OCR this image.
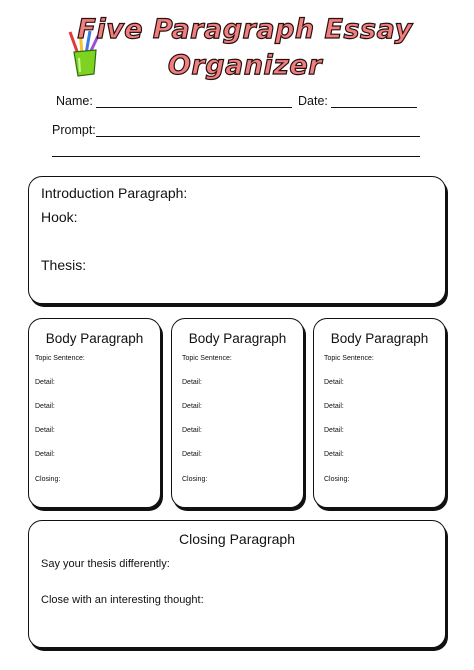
Five Paragraph Essay
Organizer
Name:	Date:
Prompt:
Introduction Paragraph:
Hook:
Thesis:
Body Paragraph
Topic Sentence:
Detail:
Detail:
Detail:
Detail:
Closing:
Body Paragraph
Topic Sentence:
Detail:
Detail:
Detail:
Detail:
Closing:
Body Paragraph
Topic Sentence:
Detail:
Detail:
Detail:
Detail:
Closing:
Closing Paragraph
Say your thesis differently:
Close with an interesting thought:
